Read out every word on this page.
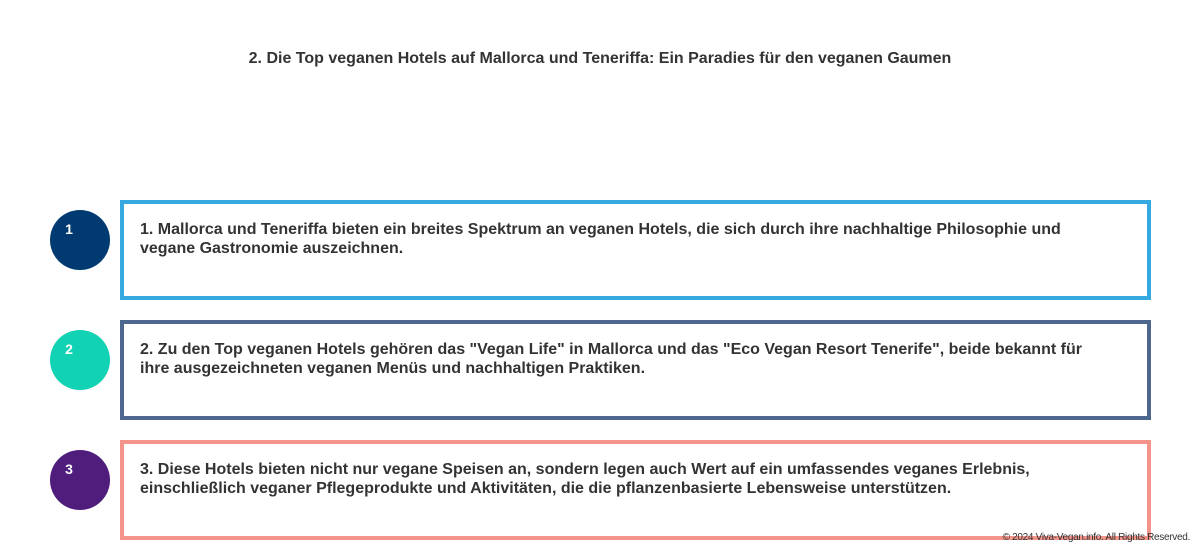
2. Die Top veganen Hotels auf Mallorca und Teneriffa: Ein Paradies für den veganen Gaumen
1	1. Mallorca und Teneriffa bieten ein breites Spektrum an veganen Hotels, die sich durch ihre nachhaltige Philosophie und vegane Gastronomie auszeichnen.
2	2. Zu den Top veganen Hotels gehören das "Vegan Life" in Mallorca und das "Eco Vegan Resort Tenerife", beide bekannt für ihre ausgezeichneten veganen Menüs und nachhaltigen Praktiken.
3	3. Diese Hotels bieten nicht nur vegane Speisen an, sondern legen auch Wert auf ein umfassendes veganes Erlebnis, einschließlich veganer Pflegeprodukte und Aktivitäten, die die pflanzenbasierte Lebensweise unterstützen.
© 2024 Viva-Vegan.info. All Rights Reserved.
